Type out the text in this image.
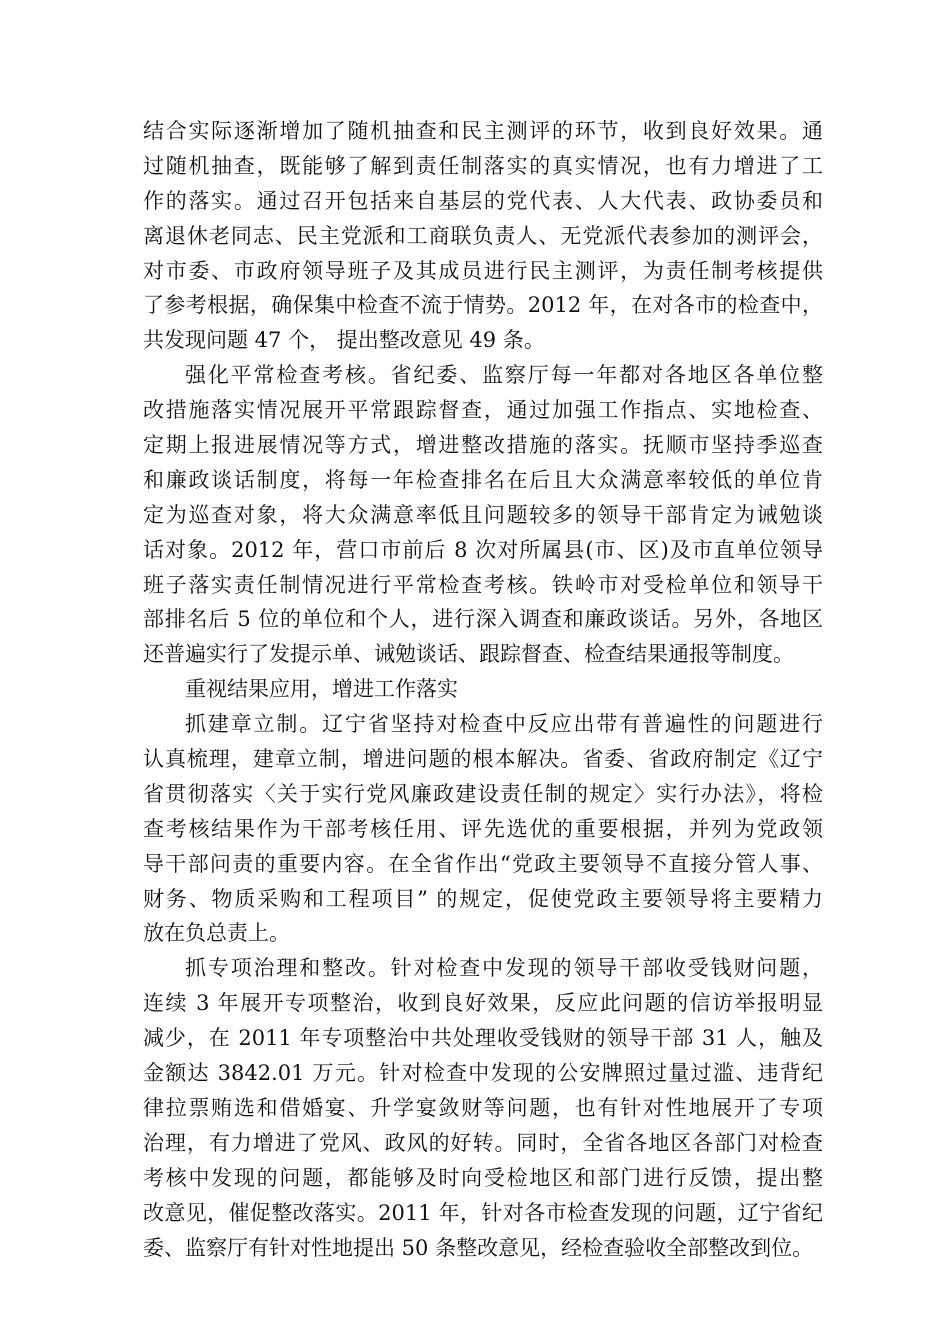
结合实际逐渐增加了随机抽查和民主测评的环节，收到良好效果。通
过随机抽查，既能够了解到责任制落实的真实情况，也有力增进了工
作的落实。通过召开包括来自基层的党代表、人大代表、政协委员和
离退休老同志、民主党派和工商联负责人、无党派代表参加的测评会，
对市委、市政府领导班子及其成员进行民主测评，为责任制考核提供
了参考根据，确保集中检查不流于情势。2012 年，在对各市的检查中，
共发现问题 47 个， 提出整改意见 49 条。
强化平常检查考核。省纪委、监察厅每一年都对各地区各单位整
改措施落实情况展开平常跟踪督查，通过加强工作指点、实地检查、
定期上报进展情况等方式，增进整改措施的落实。抚顺市坚持季巡查
和廉政谈话制度，将每一年检查排名在后且大众满意率较低的单位肯
定为巡查对象，将大众满意率低且问题较多的领导干部肯定为诫勉谈
话对象。2012 年，营口市前后 8 次对所属县(市、区)及市直单位领导
班子落实责任制情况进行平常检查考核。铁岭市对受检单位和领导干
部排名后 5 位的单位和个人，进行深入调查和廉政谈话。另外，各地区
还普遍实行了发提示单、诫勉谈话、跟踪督查、检查结果通报等制度。
重视结果应用，增进工作落实
抓建章立制。辽宁省坚持对检查中反应出带有普遍性的问题进行
认真梳理，建章立制，增进问题的根本解决。省委、省政府制定《辽宁
省贯彻落实〈关于实行党风廉政建设责任制的规定〉实行办法》，将检
查考核结果作为干部考核任用、评先选优的重要根据，并列为党政领
导干部问责的重要内容。在全省作出“党政主要领导不直接分管人事、
财务、物质采购和工程项目” 的规定，促使党政主要领导将主要精力
放在负总责上。
抓专项治理和整改。针对检查中发现的领导干部收受钱财问题，
连续 3 年展开专项整治，收到良好效果，反应此问题的信访举报明显
减少，在 2011 年专项整治中共处理收受钱财的领导干部 31 人，触及
金额达 3842.01 万元。针对检查中发现的公安牌照过量过滥、违背纪
律拉票贿选和借婚宴、升学宴敛财等问题，也有针对性地展开了专项
治理，有力增进了党风、政风的好转。同时，全省各地区各部门对检查
考核中发现的问题，都能够及时向受检地区和部门进行反馈，提出整
改意见，催促整改落实。2011 年，针对各市检查发现的问题，辽宁省纪
委、监察厅有针对性地提出 50 条整改意见，经检查验收全部整改到位。
